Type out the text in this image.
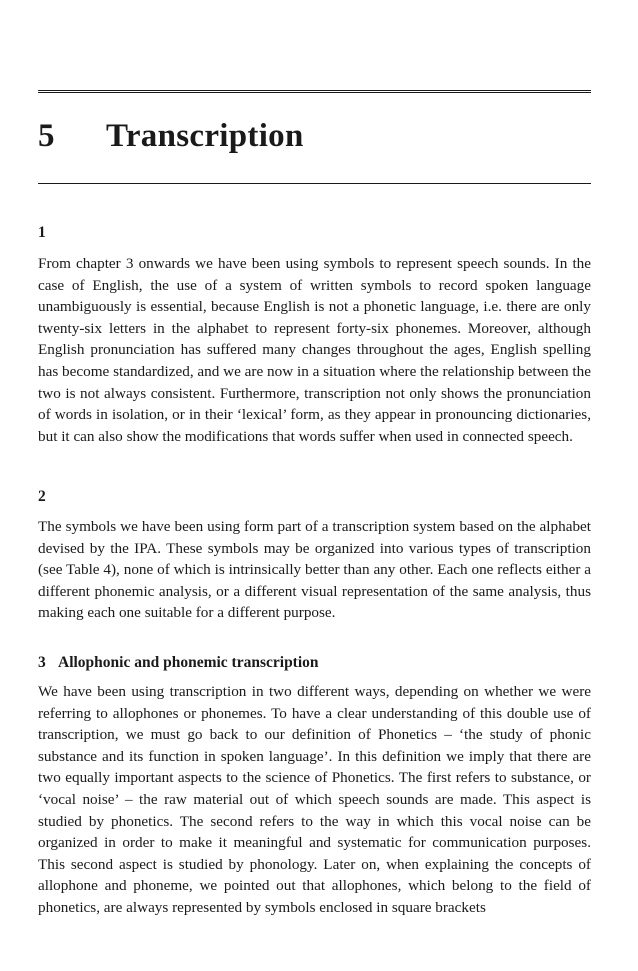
5 Transcription
1

From chapter 3 onwards we have been using symbols to represent speech sounds. In the case of English, the use of a system of written symbols to record spoken language unambiguously is essential, because English is not a phonetic language, i.e. there are only twenty-six letters in the alphabet to represent forty-six phonemes. Moreover, although English pronunciation has suffered many changes throughout the ages, English spelling has become standardized, and we are now in a situation where the relationship between the two is not always consistent. Furthermore, transcription not only shows the pronunciation of words in isolation, or in their ‘lexical’ form, as they appear in pronouncing dictionaries, but it can also show the modifications that words suffer when used in connected speech.

2

The symbols we have been using form part of a transcription system based on the alphabet devised by the IPA. These symbols may be organized into various types of transcription (see Table 4), none of which is intrinsically better than any other. Each one reflects either a different phonemic analysis, or a different visual representation of the same analysis, thus making each one suitable for a different purpose.

3 Allophonic and phonemic transcription

We have been using transcription in two different ways, depending on whether we were referring to allophones or phonemes. To have a clear understanding of this double use of transcription, we must go back to our definition of Phonetics – ‘the study of phonic substance and its function in spoken language’. In this definition we imply that there are two equally important aspects to the science of Phonetics. The first refers to substance, or ‘vocal noise’ – the raw material out of which speech sounds are made. This aspect is studied by phonetics. The second refers to the way in which this vocal noise can be organized in order to make it meaningful and systematic for communication purposes. This second aspect is studied by phonology. Later on, when explaining the concepts of allophone and phoneme, we pointed out that allophones, which belong to the field of phonetics, are always represented by symbols enclosed in square brackets
